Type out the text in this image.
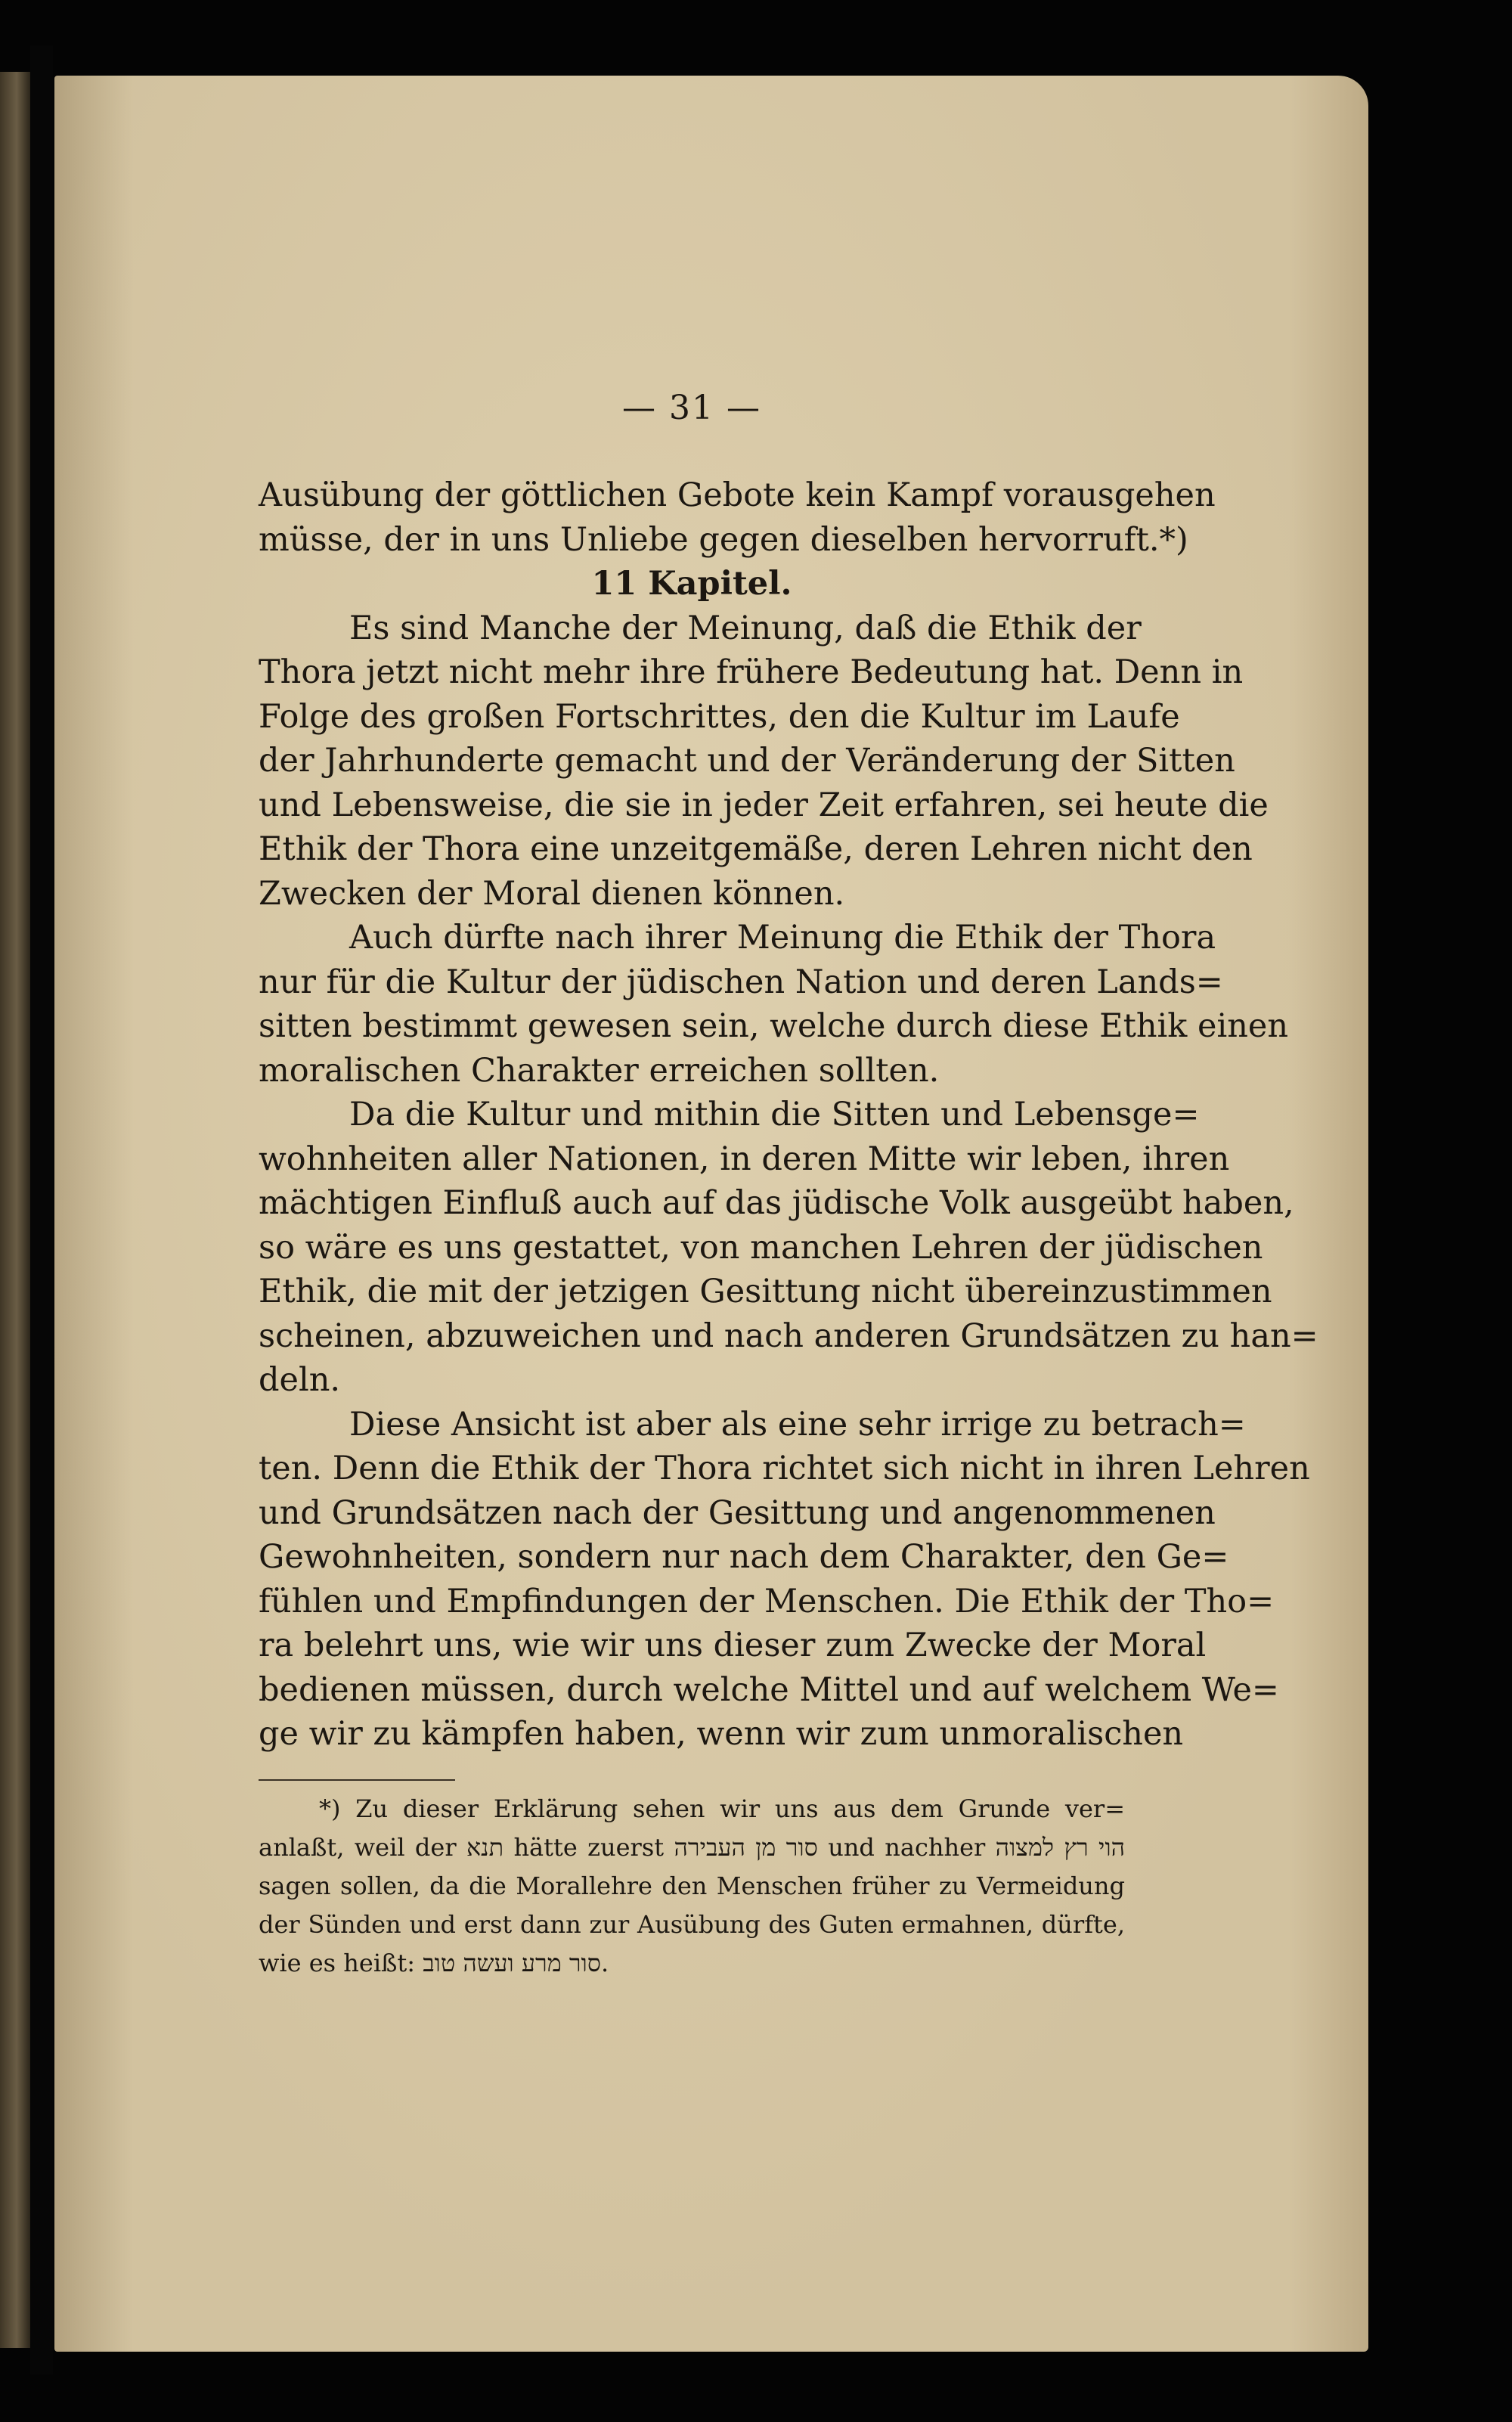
— 31 —
Ausübung der göttlichen Gebote kein Kampf vorausgehen
müsse, der in uns Unliebe gegen dieselben hervorruft.*)
11 Kapitel.
Es sind Manche der Meinung, daß die Ethik der
Thora jetzt nicht mehr ihre frühere Bedeutung hat. Denn in
Folge des großen Fortschrittes, den die Kultur im Laufe
der Jahrhunderte gemacht und der Veränderung der Sitten
und Lebensweise, die sie in jeder Zeit erfahren, sei heute die
Ethik der Thora eine unzeitgemäße, deren Lehren nicht den
Zwecken der Moral dienen können.
Auch dürfte nach ihrer Meinung die Ethik der Thora
nur für die Kultur der jüdischen Nation und deren Lands=
sitten bestimmt gewesen sein, welche durch diese Ethik einen
moralischen Charakter erreichen sollten.
Da die Kultur und mithin die Sitten und Lebensge=
wohnheiten aller Nationen, in deren Mitte wir leben, ihren
mächtigen Einfluß auch auf das jüdische Volk ausgeübt haben,
so wäre es uns gestattet, von manchen Lehren der jüdischen
Ethik, die mit der jetzigen Gesittung nicht übereinzustimmen
scheinen, abzuweichen und nach anderen Grundsätzen zu han=
deln.
Diese Ansicht ist aber als eine sehr irrige zu betrach=
ten. Denn die Ethik der Thora richtet sich nicht in ihren Lehren
und Grundsätzen nach der Gesittung und angenommenen
Gewohnheiten, sondern nur nach dem Charakter, den Ge=
fühlen und Empfindungen der Menschen. Die Ethik der Tho=
ra belehrt uns, wie wir uns dieser zum Zwecke der Moral
bedienen müssen, durch welche Mittel und auf welchem We=
ge wir zu kämpfen haben, wenn wir zum unmoralischen
*) Zu dieser Erklärung sehen wir uns aus dem Grunde ver=
anlaßt, weil der תנא hätte zuerst סור מן העבירה und nachher הוי רץ למצוה
sagen sollen, da die Morallehre den Menschen früher zu Vermeidung
der Sünden und erst dann zur Ausübung des Guten ermahnen, dürfte,
wie es heißt: סור מרע ועשה טוב.
